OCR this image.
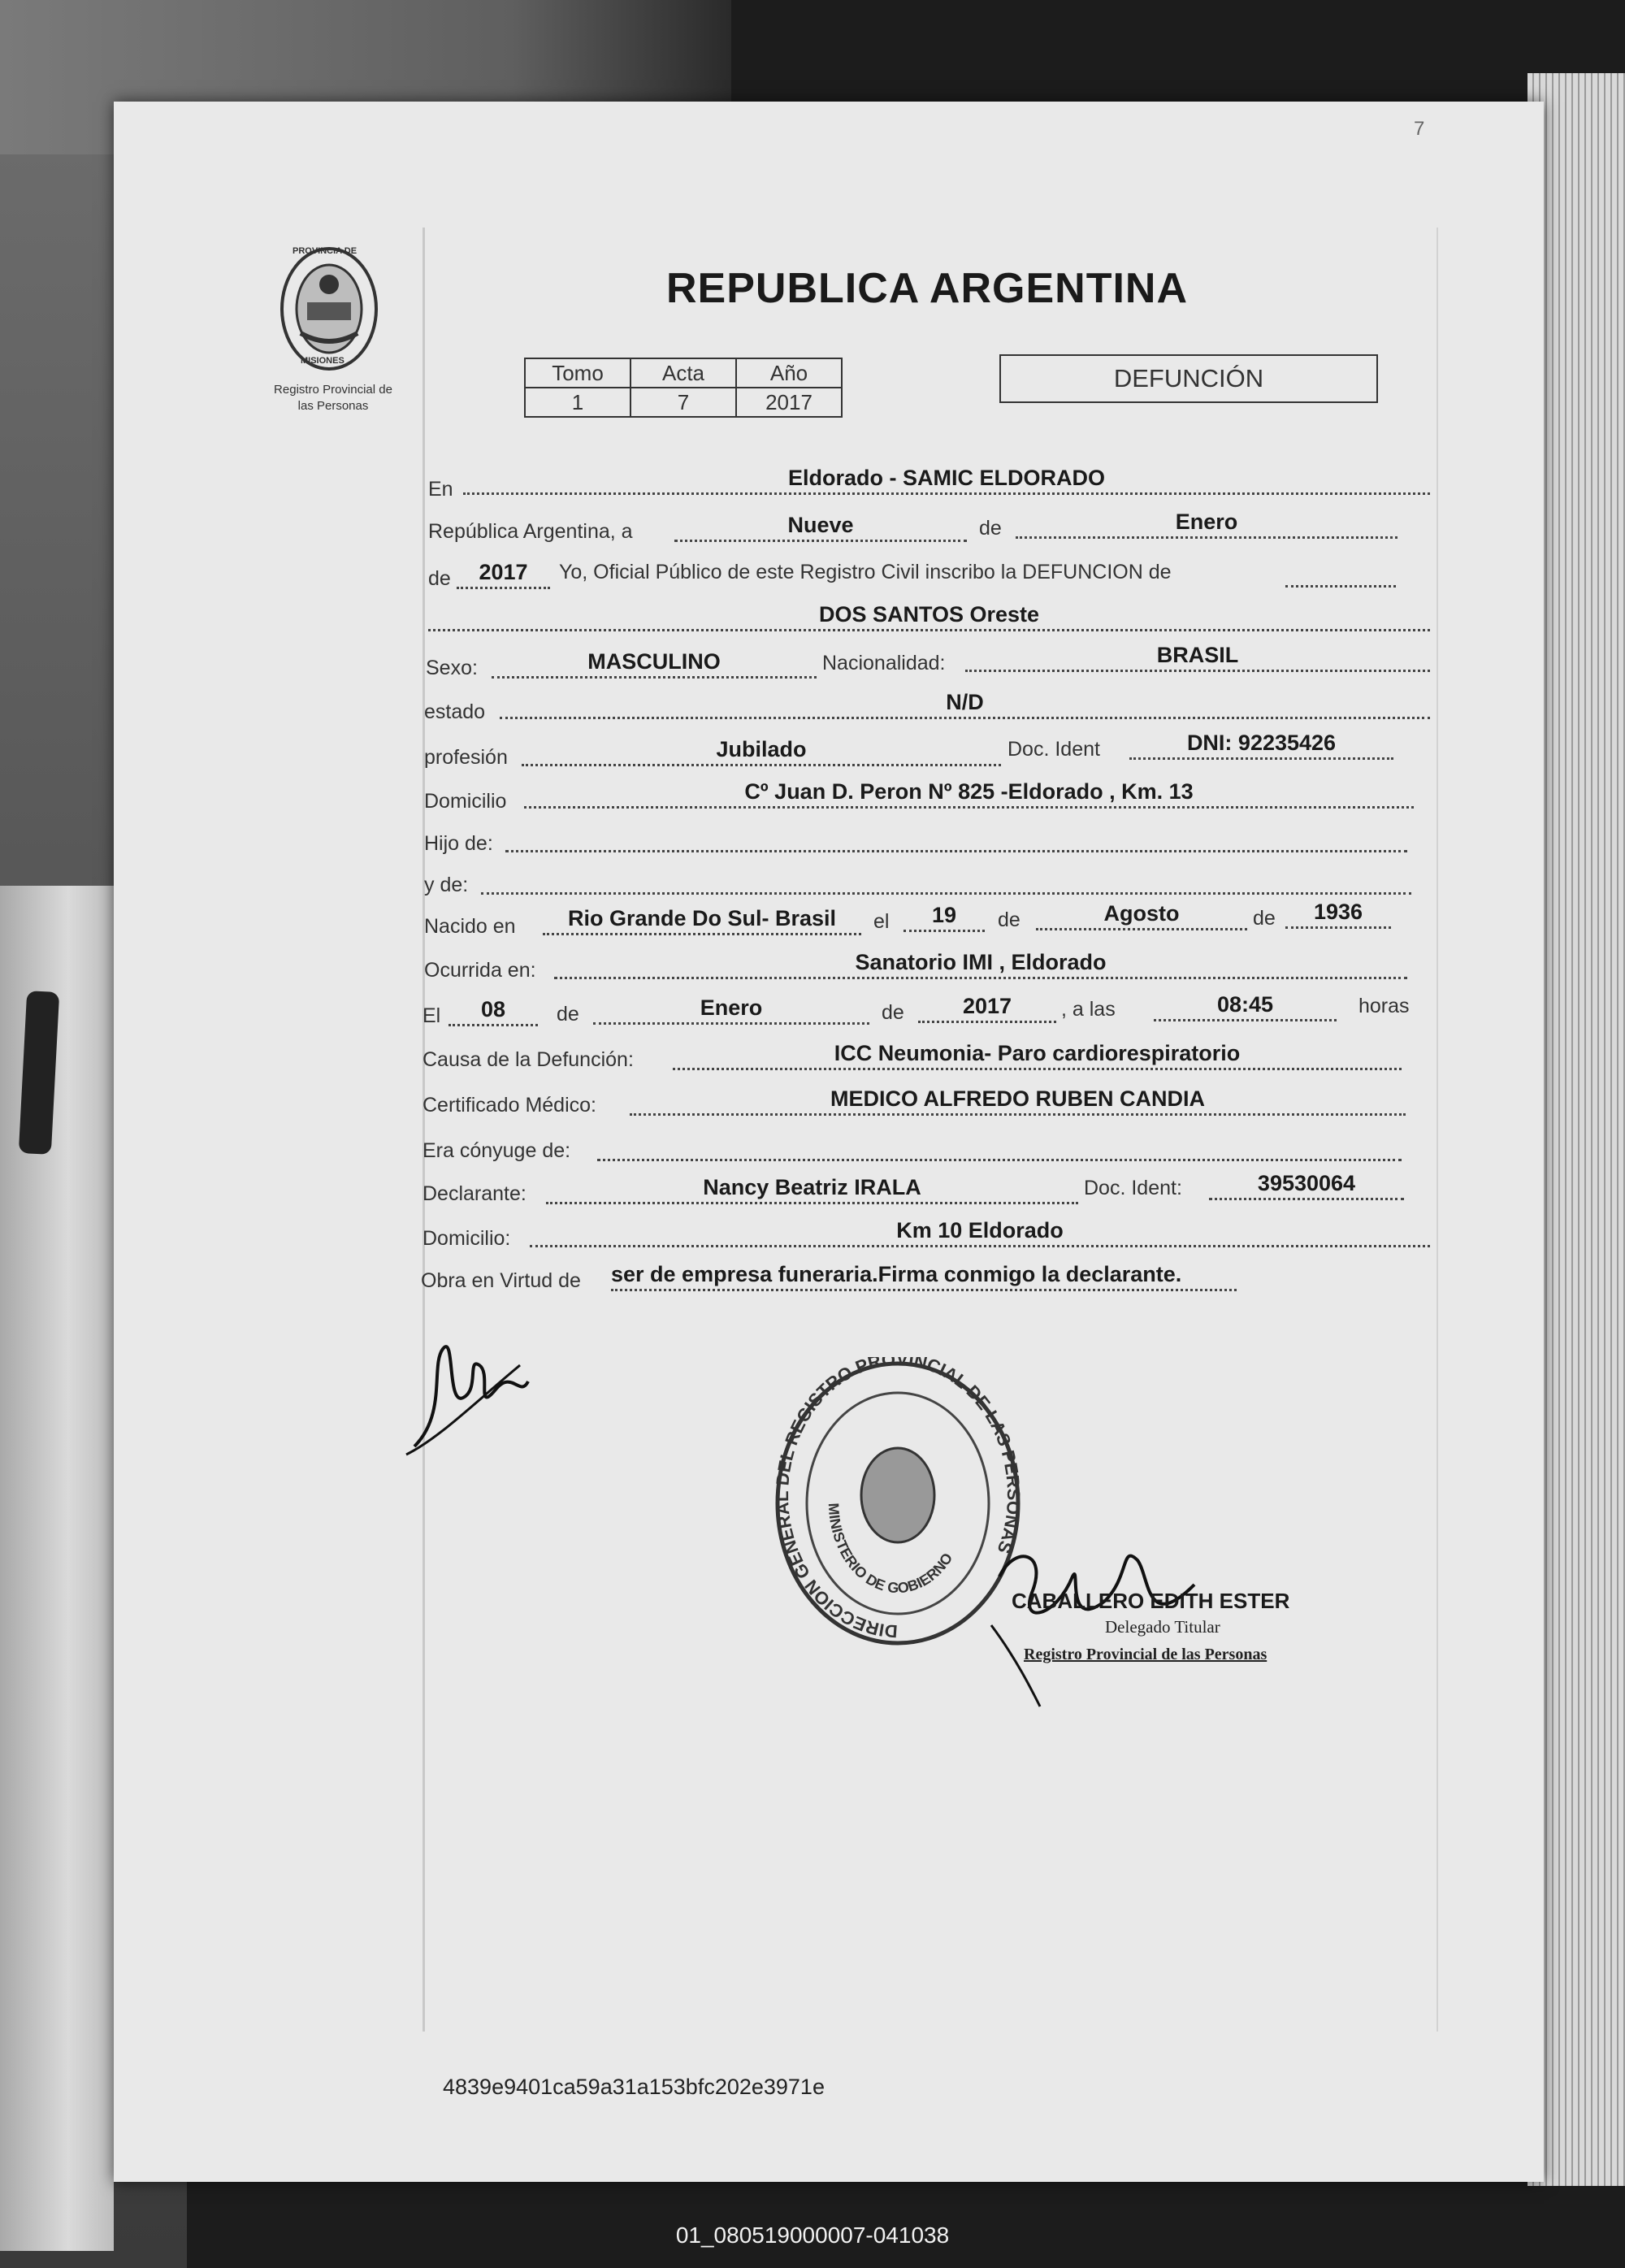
7
PROVINCIA DE
MISIONES
Registro Provincial de
las Personas
REPUBLICA ARGENTINA
Tomo	Acta	Año
1	7	2017
DEFUNCIÓN
En	Eldorado - SAMIC ELDORADO
República Argentina, a	Nueve	de	Enero
de	2017	Yo, Oficial Público de este Registro Civil inscribo la DEFUNCION de
DOS SANTOS Oreste
Sexo:	MASCULINO	Nacionalidad:	BRASIL
estado	N/D
profesión	Jubilado	Doc. Ident	DNI: 92235426
Domicilio	Cº Juan D. Peron Nº 825 -Eldorado , Km. 13
Hijo de:
y de:
Nacido en	Rio Grande Do Sul- Brasil	el	19	de	Agosto	de	1936
Ocurrida en:	Sanatorio IMI , Eldorado
El	08	de	Enero	de	2017	, a las	08:45	horas
Causa de la Defunción:	ICC Neumonia- Paro cardiorespiratorio
Certificado Médico:	MEDICO ALFREDO RUBEN CANDIA
Era cónyuge de:
Declarante:	Nancy Beatriz IRALA	Doc. Ident:	39530064
Domicilio:	Km 10 Eldorado
Obra en Virtud de ser de empresa funeraria.Firma conmigo la declarante.
DIRECCION GENERAL DEL REGISTRO PROVINCIAL DE LAS PERSONAS
MINISTERIO DE GOBIERNO
CABALLERO EDITH ESTER
Delegado Titular
Registro Provincial de las Personas
4839e9401ca59a31a153bfc202e3971e
01_080519000007-041038
